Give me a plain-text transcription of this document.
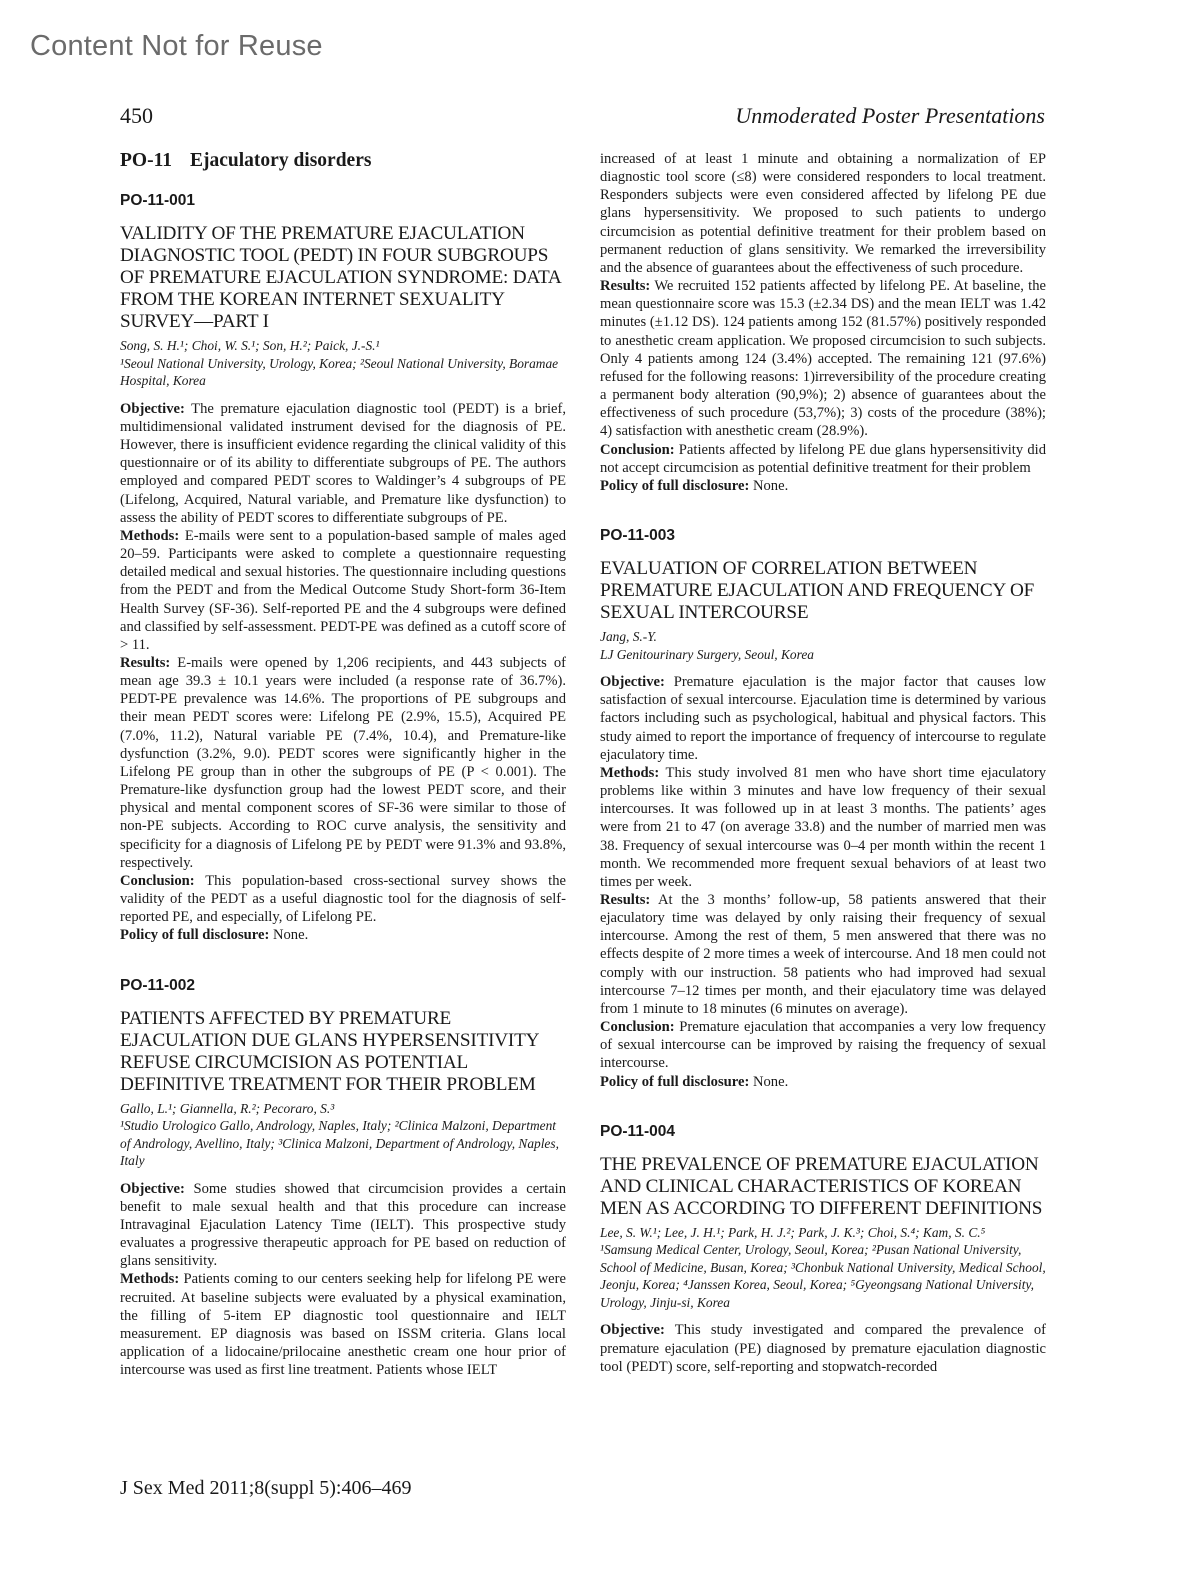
Content Not for Reuse
450	Unmoderated Poster Presentations
PO-11 Ejaculatory disorders
PO-11-001
VALIDITY OF THE PREMATURE EJACULATION DIAGNOSTIC TOOL (PEDT) IN FOUR SUBGROUPS OF PREMATURE EJACULATION SYNDROME: DATA FROM THE KOREAN INTERNET SEXUALITY SURVEY—PART I
Song, S. H.¹; Choi, W. S.¹; Son, H.²; Paick, J.-S.¹
¹Seoul National University, Urology, Korea; ²Seoul National University, Boramae Hospital, Korea

Objective: The premature ejaculation diagnostic tool (PEDT) is a brief, multidimensional validated instrument devised for the diagnosis of PE. However, there is insufficient evidence regarding the clinical validity of this questionnaire or of its ability to differentiate subgroups of PE. The authors employed and compared PEDT scores to Waldinger’s 4 subgroups of PE (Lifelong, Acquired, Natural variable, and Premature like dysfunction) to assess the ability of PEDT scores to differentiate subgroups of PE.

Methods: E-mails were sent to a population-based sample of males aged 20–59. Participants were asked to complete a questionnaire requesting detailed medical and sexual histories. The questionnaire including questions from the PEDT and from the Medical Outcome Study Short-form 36-Item Health Survey (SF-36). Self-reported PE and the 4 subgroups were defined and classified by self-assessment. PEDT-PE was defined as a cutoff score of > 11.

Results: E-mails were opened by 1,206 recipients, and 443 subjects of mean age 39.3 ± 10.1 years were included (a response rate of 36.7%). PEDT-PE prevalence was 14.6%. The proportions of PE subgroups and their mean PEDT scores were: Lifelong PE (2.9%, 15.5), Acquired PE (7.0%, 11.2), Natural variable PE (7.4%, 10.4), and Premature-like dysfunction (3.2%, 9.0). PEDT scores were significantly higher in the Lifelong PE group than in other the subgroups of PE (P < 0.001). The Premature-like dysfunction group had the lowest PEDT score, and their physical and mental component scores of SF-36 were similar to those of non-PE subjects. According to ROC curve analysis, the sensitivity and specificity for a diagnosis of Lifelong PE by PEDT were 91.3% and 93.8%, respectively.

Conclusion: This population-based cross-sectional survey shows the validity of the PEDT as a useful diagnostic tool for the diagnosis of self-reported PE, and especially, of Lifelong PE.

Policy of full disclosure: None.

PO-11-002
PATIENTS AFFECTED BY PREMATURE EJACULATION DUE GLANS HYPERSENSITIVITY REFUSE CIRCUMCISION AS POTENTIAL DEFINITIVE TREATMENT FOR THEIR PROBLEM
Gallo, L.¹; Giannella, R.²; Pecoraro, S.³
¹Studio Urologico Gallo, Andrology, Naples, Italy; ²Clinica Malzoni, Department of Andrology, Avellino, Italy; ³Clinica Malzoni, Department of Andrology, Naples, Italy

Objective: Some studies showed that circumcision provides a certain benefit to male sexual health and that this procedure can increase Intravaginal Ejaculation Latency Time (IELT). This prospective study evaluates a progressive therapeutic approach for PE based on reduction of glans sensitivity.

Methods: Patients coming to our centers seeking help for lifelong PE were recruited. At baseline subjects were evaluated by a physical examination, the filling of 5-item EP diagnostic tool questionnaire and IELT measurement. EP diagnosis was based on ISSM criteria. Glans local application of a lidocaine/prilocaine anesthetic cream one hour prior of intercourse was used as first line treatment. Patients whose IELT

increased of at least 1 minute and obtaining a normalization of EP diagnostic tool score (≤8) were considered responders to local treatment. Responders subjects were even considered affected by lifelong PE due glans hypersensitivity. We proposed to such patients to undergo circumcision as potential definitive treatment for their problem based on permanent reduction of glans sensitivity. We remarked the irreversibility and the absence of guarantees about the effectiveness of such procedure.

Results: We recruited 152 patients affected by lifelong PE. At baseline, the mean questionnaire score was 15.3 (±2.34 DS) and the mean IELT was 1.42 minutes (±1.12 DS). 124 patients among 152 (81.57%) positively responded to anesthetic cream application. We proposed circumcision to such subjects. Only 4 patients among 124 (3.4%) accepted. The remaining 121 (97.6%) refused for the following reasons: 1)irreversibility of the procedure creating a permanent body alteration (90,9%); 2) absence of guarantees about the effectiveness of such procedure (53,7%); 3) costs of the procedure (38%); 4) satisfaction with anesthetic cream (28.9%).

Conclusion: Patients affected by lifelong PE due glans hypersensitivity did not accept circumcision as potential definitive treatment for their problem

Policy of full disclosure: None.

PO-11-003
EVALUATION OF CORRELATION BETWEEN PREMATURE EJACULATION AND FREQUENCY OF SEXUAL INTERCOURSE
Jang, S.-Y.
LJ Genitourinary Surgery, Seoul, Korea

Objective: Premature ejaculation is the major factor that causes low satisfaction of sexual intercourse. Ejaculation time is determined by various factors including such as psychological, habitual and physical factors. This study aimed to report the importance of frequency of intercourse to regulate ejaculatory time.

Methods: This study involved 81 men who have short time ejaculatory problems like within 3 minutes and have low frequency of their sexual intercourses. It was followed up in at least 3 months. The patients’ ages were from 21 to 47 (on average 33.8) and the number of married men was 38. Frequency of sexual intercourse was 0–4 per month within the recent 1 month. We recommended more frequent sexual behaviors of at least two times per week.

Results: At the 3 months’ follow-up, 58 patients answered that their ejaculatory time was delayed by only raising their frequency of sexual intercourse. Among the rest of them, 5 men answered that there was no effects despite of 2 more times a week of intercourse. And 18 men could not comply with our instruction. 58 patients who had improved had sexual intercourse 7–12 times per month, and their ejaculatory time was delayed from 1 minute to 18 minutes (6 minutes on average).

Conclusion: Premature ejaculation that accompanies a very low frequency of sexual intercourse can be improved by raising the frequency of sexual intercourse.

Policy of full disclosure: None.

PO-11-004
THE PREVALENCE OF PREMATURE EJACULATION AND CLINICAL CHARACTERISTICS OF KOREAN MEN AS ACCORDING TO DIFFERENT DEFINITIONS
Lee, S. W.¹; Lee, J. H.¹; Park, H. J.²; Park, J. K.³; Choi, S.⁴; Kam, S. C.⁵
¹Samsung Medical Center, Urology, Seoul, Korea; ²Pusan National University, School of Medicine, Busan, Korea; ³Chonbuk National University, Medical School, Jeonju, Korea; ⁴Janssen Korea, Seoul, Korea; ⁵Gyeongsang National University, Urology, Jinju-si, Korea

Objective: This study investigated and compared the prevalence of premature ejaculation (PE) diagnosed by premature ejaculation diagnostic tool (PEDT) score, self-reporting and stopwatch-recorded

J Sex Med 2011;8(suppl 5):406–469
